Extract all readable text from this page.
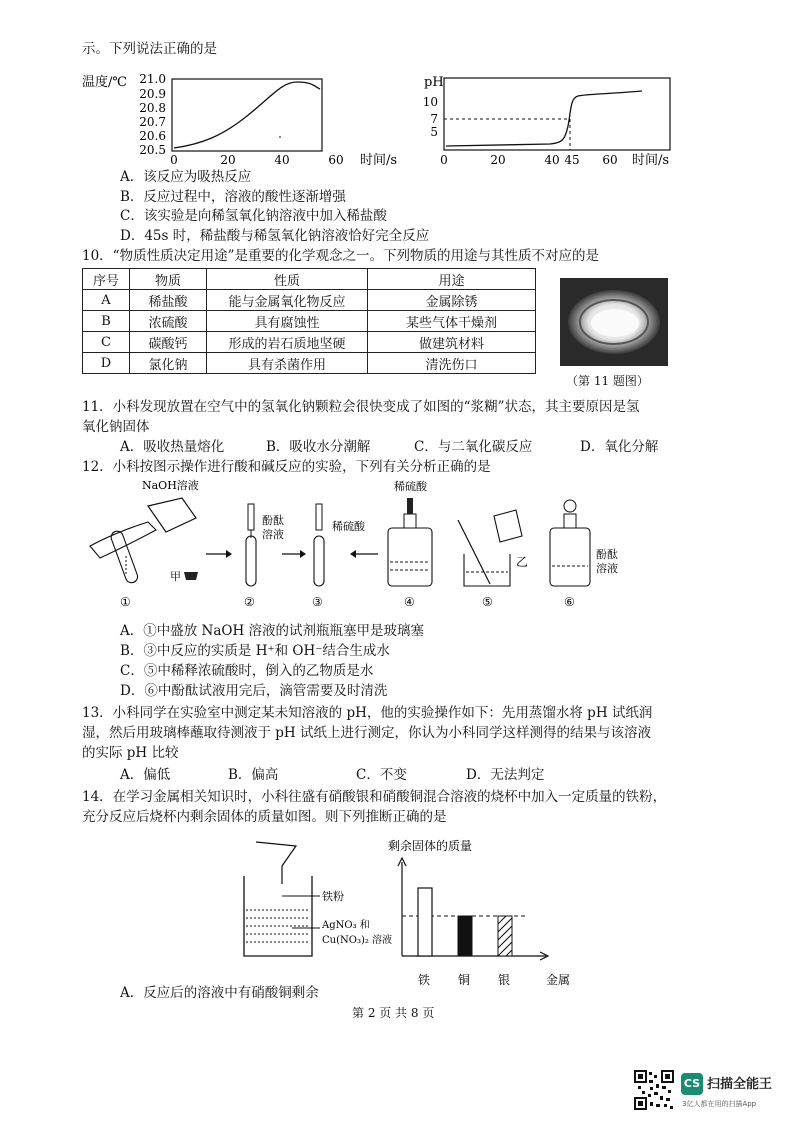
示。下列说法正确的是
温度/℃ 21.0
20.9
20.8
20.7
20.6
20.5
0	20	40	60 时间/s
pH
10
7
5
0	20	40 45 60 时间/s
A．该反应为吸热反应
B．反应过程中，溶液的酸性逐渐增强
C．该实验是向稀氢氧化钠溶液中加入稀盐酸
D．45s 时，稀盐酸与稀氢氧化钠溶液恰好完全反应
10．“物质性质决定用途”是重要的化学观念之一。下列物质的用途与其性质不对应的是
序号	物质	性质	用途
A	稀盐酸	能与金属氧化物反应	金属除锈
B	浓硫酸	具有腐蚀性	某些气体干燥剂
C	碳酸钙	形成的岩石质地坚硬	做建筑材料
D	氯化钠	具有杀菌作用	清洗伤口
（第 11 题图）
11．小科发现放置在空气中的氢氧化钠颗粒会很快变成了如图的“浆糊”状态，其主要原因是氢
氧化钠固体
A．吸收热量熔化	B．吸收水分潮解	C．与二氧化碳反应	D．氧化分解
12．小科按图示操作进行酸和碱反应的实验，下列有关分析正确的是
NaOH溶液
甲
①
酚酞
溶液
②
稀硫酸
③
稀硫酸
④
乙
⑤
酚酞
溶液
⑥
A．①中盛放 NaOH 溶液的试剂瓶瓶塞甲是玻璃塞
B．③中反应的实质是 H⁺和 OH⁻结合生成水
C．⑤中稀释浓硫酸时，倒入的乙物质是水
D．⑥中酚酞试液用完后，滴管需要及时清洗
13．小科同学在实验室中测定某未知溶液的 pH，他的实验操作如下：先用蒸馏水将 pH 试纸润
湿，然后用玻璃棒蘸取待测液于 pH 试纸上进行测定，你认为小科同学这样测得的结果与该溶液
的实际 pH 比较
A．偏低	B．偏高	C．不变	D．无法判定
14．在学习金属相关知识时，小科往盛有硝酸银和硝酸铜混合溶液的烧杯中加入一定质量的铁粉，
充分反应后烧杯内剩余固体的质量如图。则下列推断正确的是
铁粉
AgNO₃ 和
Cu(NO₃)₂ 溶液
剩余固体的质量
铁 铜 银	金属
A．反应后的溶液中有硝酸铜剩余
第 2 页 共 8 页
CS 扫描全能王
3亿人都在用的扫描App
